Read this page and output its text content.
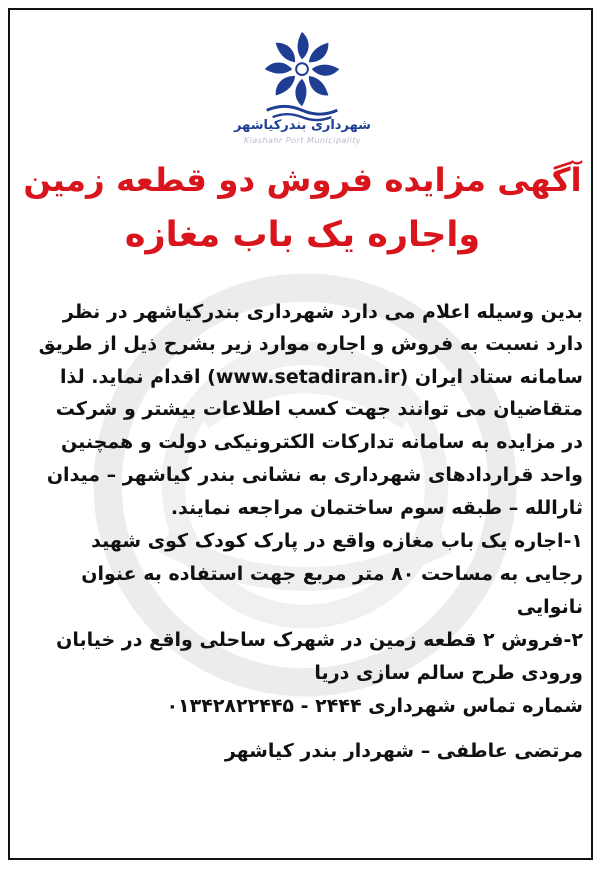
شهرداری بندرکیاشهر
Kiashahr Port Municipality
آگهی مزایده فروش دو قطعه زمین
واجاره یک باب مغازه
بدین وسیله اعلام می دارد شهرداری بندرکیاشهر در نظر
دارد نسبت به فروش و اجاره موارد زیر بشرح ذیل از طریق
سامانه ستاد ایران (www.setadiran.ir) اقدام نماید. لذا
متقاضیان می توانند جهت کسب اطلاعات بیشتر و شرکت
در مزایده به سامانه تدارکات الکترونیکی دولت و همچنین
واحد قراردادهای شهرداری به نشانی بندر کیاشهر – میدان
ثارالله – طبقه سوم ساختمان مراجعه نمایند.
۱-اجاره یک باب مغازه واقع در پارک کودک کوی شهید
رجایی به مساحت ۸۰ متر مربع جهت استفاده به عنوان
نانوایی
۲-فروش ۲ قطعه زمین در شهرک ساحلی واقع در خیابان
ورودی طرح سالم سازی دریا
شماره تماس شهرداری ۲۴۴۴ - ۰۱۳۴۲۸۲۲۴۴۵
مرتضی عاطفی – شهردار بندر کیاشهر
